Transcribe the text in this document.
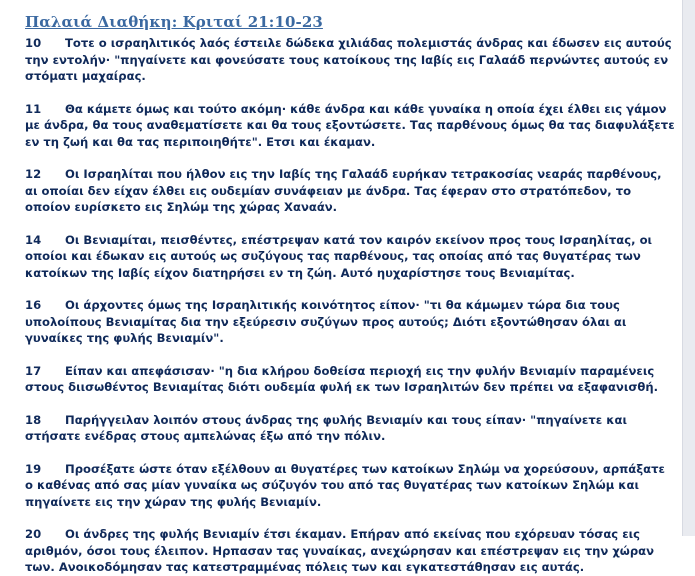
Παλαιά Διαθήκη: Κριταί 21:10-23
10 Τοτε ο ισραηλιτικός λαός έστειλε δώδεκα χιλιάδας πολεμιστάς άνδρας και έδωσεν εις αυτούς την εντολήν· "πηγαίνετε και φονεύσατε τους κατοίκους της Ιαβίς εις Γαλαάδ περνώντες αυτούς εν στόματι μαχαίρας.
11 Θα κάμετε όμως και τούτο ακόμη· κάθε άνδρα και κάθε γυναίκα η οποία έχει έλθει εις γάμον με άνδρα, θα τους αναθεματίσετε και θα τους εξοντώσετε. Τας παρθένους όμως θα τας διαφυλάξετε εν τη ζωή και θα τας περιποιηθήτε". Ετσι και έκαμαν.
12 Οι Ισραηλίται που ήλθον εις την Ιαβίς της Γαλαάδ ευρήκαν τετρακοσίας νεαράς παρθένους, αι οποίαι δεν είχαν έλθει εις ουδεμίαν συνάφειαν με άνδρα. Τας έφεραν στο στρατόπεδον, το οποίον ευρίσκετο εις Σηλώμ της χώρας Χαναάν.
14 Οι Βενιαμίται, πεισθέντες, επέστρεψαν κατά τον καιρόν εκείνον προς τους Ισραηλίτας, οι οποίοι και έδωκαν εις αυτούς ως συζύγους τας παρθένους, τας οποίας από τας θυγατέρας των κατοίκων της Ιαβίς είχον διατηρήσει εν τη ζώη. Αυτό ηυχαρίστησε τους Βενιαμίτας.
16 Οι άρχοντες όμως της Ισραηλιτικής κοινότητος είπον· "τι θα κάμωμεν τώρα δια τους υπολοίπους Βενιαμίτας δια την εξεύρεσιν συζύγων προς αυτούς; Διότι εξοντώθησαν όλαι αι γυναίκες της φυλής Βενιαμίν".
17 Είπαν και απεφάσισαν· "η δια κλήρου δοθείσα περιοχή εις την φυλήν Βενιαμίν παραμένεις στους διισωθέντος Βενιαμίτας διότι ουδεμία φυλή εκ των Ισραηλιτών δεν πρέπει να εξαφανισθή.
18 Παρήγγειλαν λοιπόν στους άνδρας της φυλής Βενιαμίν και τους είπαν· "πηγαίνετε και στήσατε ενέδρας στους αμπελώνας έξω από την πόλιν.
19 Προσέξατε ώστε όταν εξέλθουν αι θυγατέρες των κατοίκων Σηλώμ να χορεύσουν, αρπάξατε ο καθένας από σας μίαν γυναίκα ως σύζυγόν του από τας θυγατέρας των κατοίκων Σηλώμ και πηγαίνετε εις την χώραν της φυλής Βενιαμίν.
20 Οι άνδρες της φυλής Βενιαμίν έτσι έκαμαν. Επήραν από εκείνας που εχόρευαν τόσας εις αριθμόν, όσοι τους έλειπον. Ηρπασαν τας γυναίκας, ανεχώρησαν και επέστρεψαν εις την χώραν των. Ανοικοδόμησαν τας κατεστραμμένας πόλεις των και εγκατεστάθησαν εις αυτάς.
